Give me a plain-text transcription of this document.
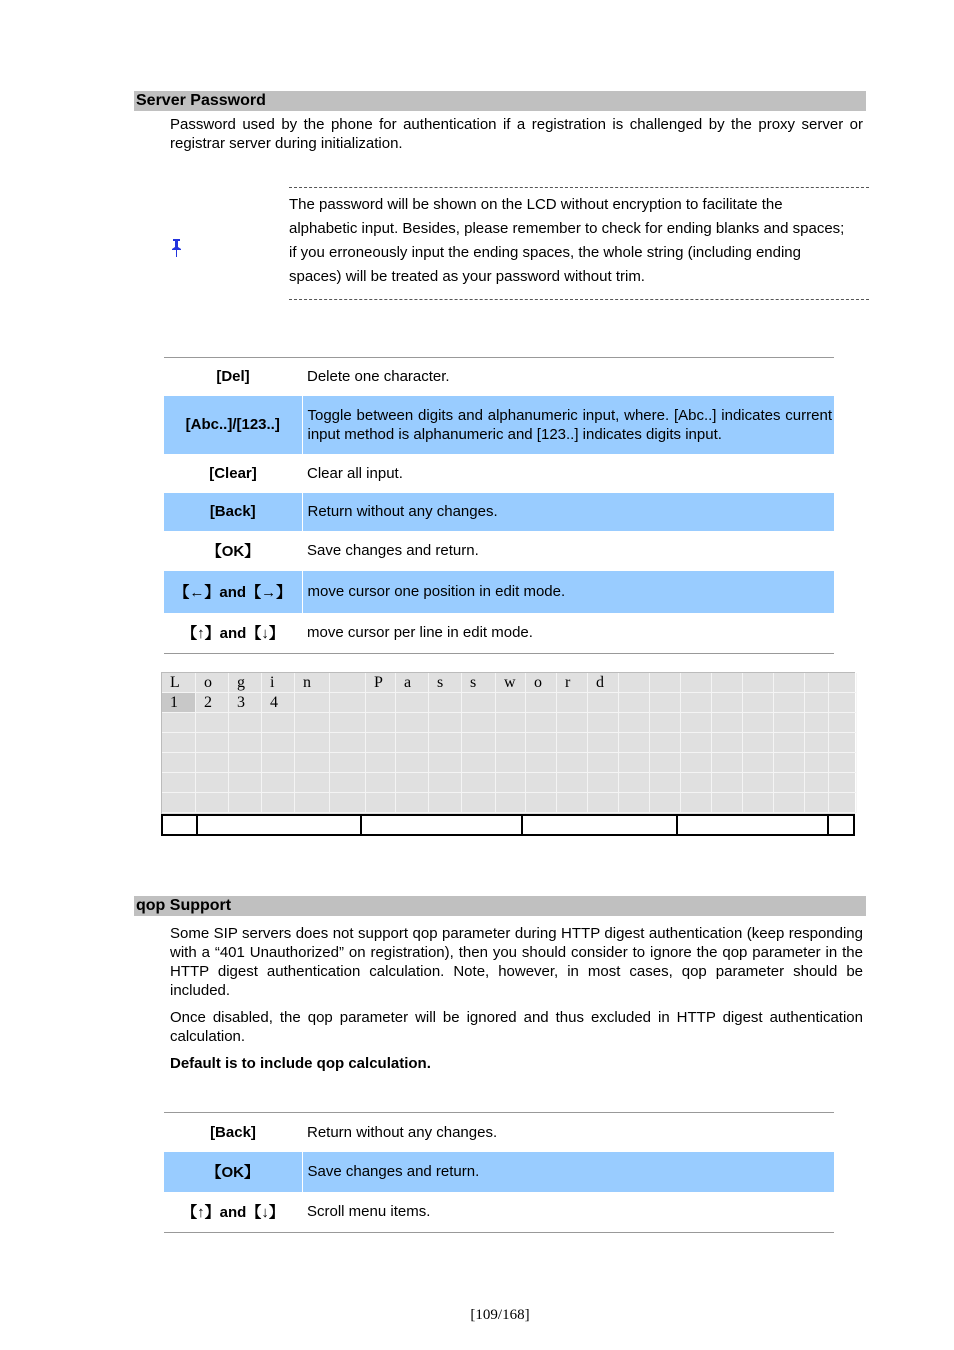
Server Password

Password used by the phone for authentication if a registration is challenged by the proxy server or registrar server during initialization.

The password will be shown on the LCD without encryption to facilitate the alphabetic input. Besides, please remember to check for ending blanks and spaces; if you erroneously input the ending spaces, the whole string (including ending spaces) will be treated as your password without trim.

[Del]	Delete one character.
[Abc..]/[123..]	Toggle between digits and alphanumeric input, where. [Abc..] indicates current input method is alphanumeric and [123..] indicates digits input.
[Clear]	Clear all input.
[Back]	Return without any changes.
【OK】	Save changes and return.
【←】and【→】	move cursor one position in edit mode.
【↑】and【↓】	move cursor per line in edit mode.
L	o	g	i	n	P	a	s	s	w	o	r	d
1	2	3	4
qop Support

Some SIP servers does not support qop parameter during HTTP digest authentication (keep responding with a “401 Unauthorized” on registration), then you should consider to ignore the qop parameter in the HTTP digest authentication calculation. Note, however, in most cases, qop parameter should be included.

Once disabled, the qop parameter will be ignored and thus excluded in HTTP digest authentication calculation.

Default is to include qop calculation.

[Back]	Return without any changes.
【OK】	Save changes and return.
【↑】and【↓】	Scroll menu items.
[109/168]
